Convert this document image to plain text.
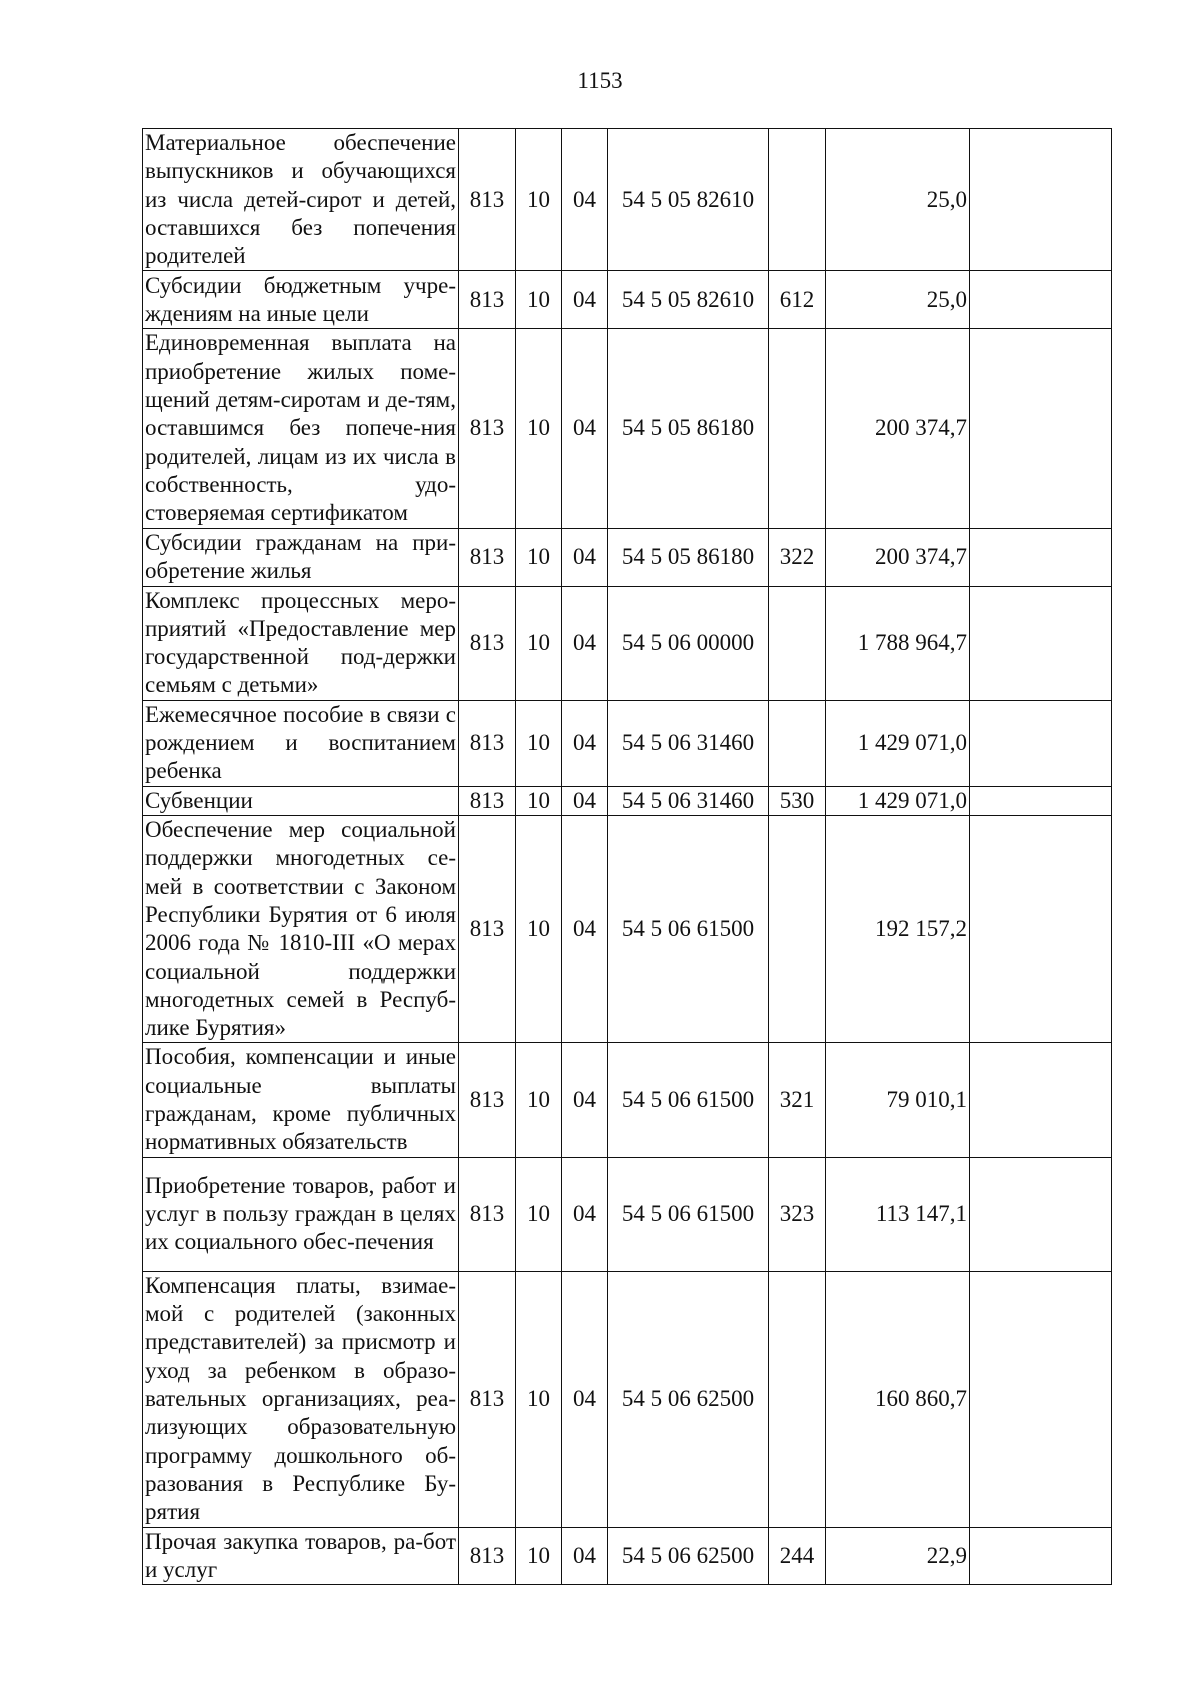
1153
Материальное обеспечение выпускников и обучающихся из числа детей-сирот и детей, оставшихся без попечения родителей	813	10	04	54 5 05 82610		25,0	
Субсидии бюджетным учре-ждениям на иные цели	813	10	04	54 5 05 82610	612	25,0	
Единовременная выплата на приобретение жилых поме-щений детям-сиротам и де-тям, оставшимся без попече-ния родителей, лицам из их числа в собственность, удо-стоверяемая сертификатом	813	10	04	54 5 05 86180		200 374,7	
Субсидии гражданам на при-обретение жилья	813	10	04	54 5 05 86180	322	200 374,7	
Комплекс процессных меро-приятий «Предоставление мер государственной под-держки семьям с детьми»	813	10	04	54 5 06 00000		1 788 964,7	
Ежемесячное пособие в связи с рождением и воспитанием ребенка	813	10	04	54 5 06 31460		1 429 071,0	
Субвенции	813	10	04	54 5 06 31460	530	1 429 071,0	
Обеспечение мер социальной поддержки многодетных се-мей в соответствии с Законом Республики Бурятия от 6 июля 2006 года № 1810-III «О мерах социальной поддержки многодетных семей в Респуб-лике Бурятия»	813	10	04	54 5 06 61500		192 157,2	
Пособия, компенсации и иные социальные выплаты гражданам, кроме публичных нормативных обязательств	813	10	04	54 5 06 61500	321	79 010,1	
Приобретение товаров, работ и услуг в пользу граждан в целях их социального обес-печения	813	10	04	54 5 06 61500	323	113 147,1	
Компенсация платы, взимае-мой с родителей (законных представителей) за присмотр и уход за ребенком в образо-вательных организациях, реа-лизующих образовательную программу дошкольного об-разования в Республике Бу-рятия	813	10	04	54 5 06 62500		160 860,7	
Прочая закупка товаров, ра-бот и услуг	813	10	04	54 5 06 62500	244	22,9	
